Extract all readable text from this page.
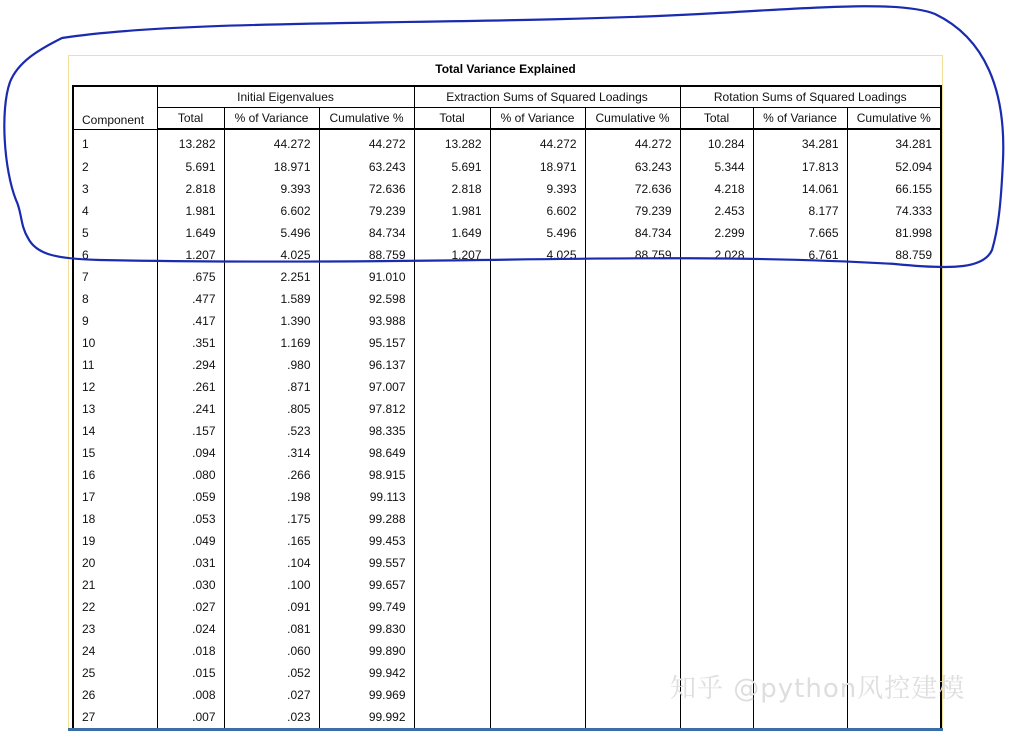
Total Variance Explained
Component	Initial Eigenvalues			Extraction Sums of Squared Loadings			Rotation Sums of Squared Loadings		
	Total	% of Variance	Cumulative %	Total	% of Variance	Cumulative %	Total	% of Variance	Cumulative %
1	13.282	44.272	44.272	13.282	44.272	44.272	10.284	34.281	34.281
2	5.691	18.971	63.243	5.691	18.971	63.243	5.344	17.813	52.094
3	2.818	9.393	72.636	2.818	9.393	72.636	4.218	14.061	66.155
4	1.981	6.602	79.239	1.981	6.602	79.239	2.453	8.177	74.333
5	1.649	5.496	84.734	1.649	5.496	84.734	2.299	7.665	81.998
6	1.207	4.025	88.759	1.207	4.025	88.759	2.028	6.761	88.759
7	.675	2.251	91.010						
8	.477	1.589	92.598						
9	.417	1.390	93.988						
10	.351	1.169	95.157						
11	.294	.980	96.137						
12	.261	.871	97.007						
13	.241	.805	97.812						
14	.157	.523	98.335						
15	.094	.314	98.649						
16	.080	.266	98.915						
17	.059	.198	99.113						
18	.053	.175	99.288						
19	.049	.165	99.453						
20	.031	.104	99.557						
21	.030	.100	99.657						
22	.027	.091	99.749						
23	.024	.081	99.830						
24	.018	.060	99.890						
25	.015	.052	99.942						
26	.008	.027	99.969						
27	.007	.023	99.992						
知乎 @python风控建模
